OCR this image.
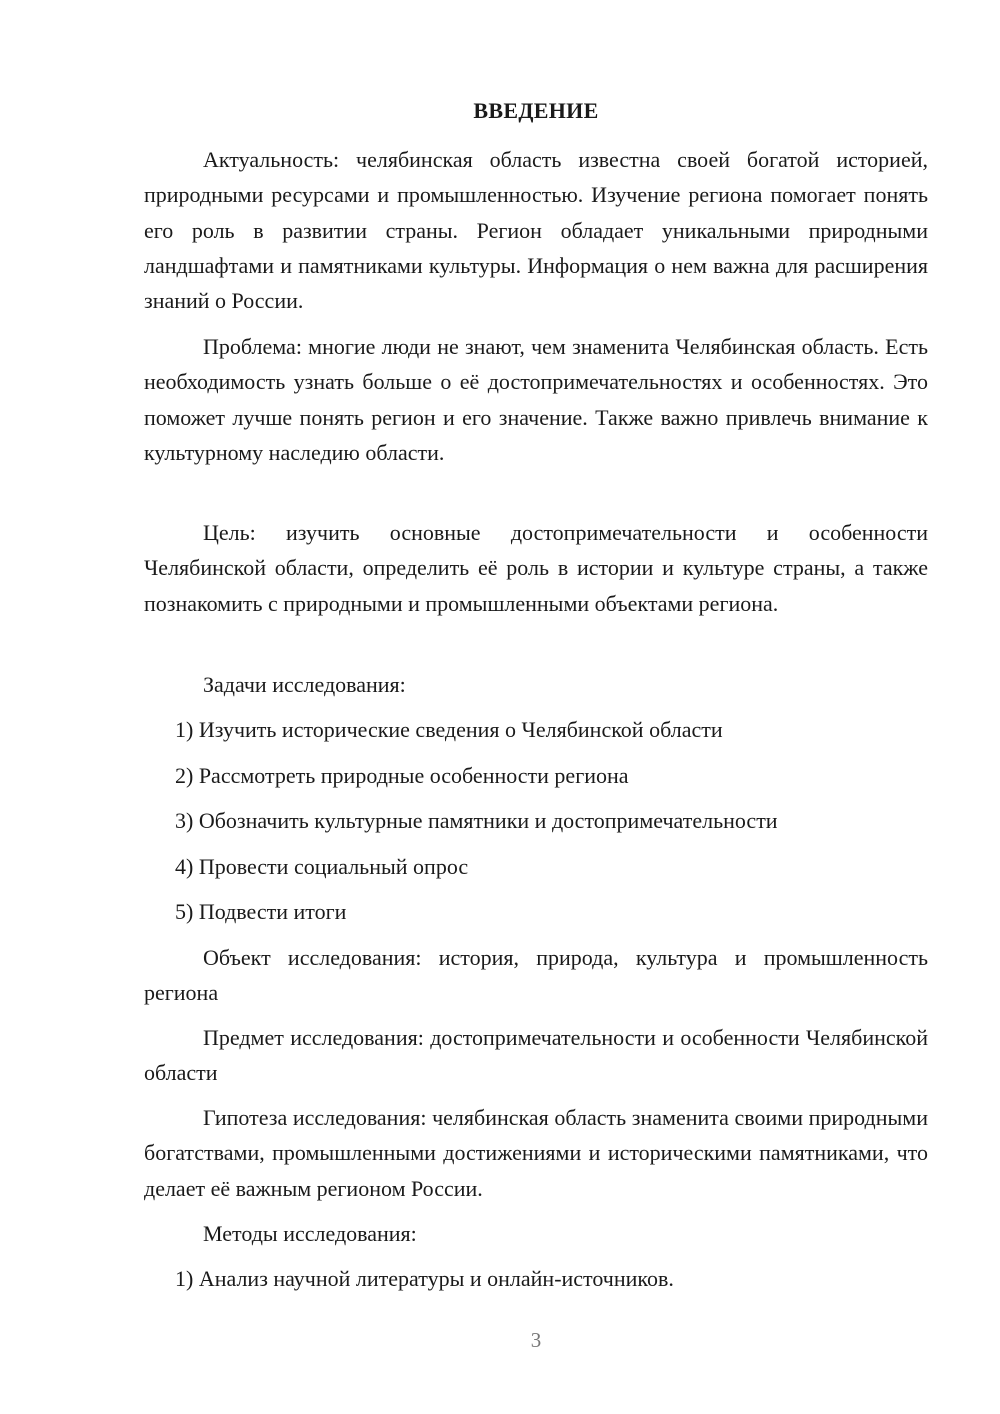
ВВЕДЕНИЕ

Актуальность: челябинская область известна своей богатой историей, природными ресурсами и промышленностью. Изучение региона помогает понять его роль в развитии страны. Регион обладает уникальными природными ландшафтами и памятниками культуры. Информация о нем важна для расширения знаний о России.

Проблема: многие люди не знают, чем знаменита Челябинская область. Есть необходимость узнать больше о её достопримечательностях и особенностях. Это поможет лучше понять регион и его значение. Также важно привлечь внимание к культурному наследию области.

Цель: изучить основные достопримечательности и особенности Челябинской области, определить её роль в истории и культуре страны, а также познакомить с природными и промышленными объектами региона.

Задачи исследования:

1) Изучить исторические сведения о Челябинской области

2) Рассмотреть природные особенности региона

3) Обозначить культурные памятники и достопримечательности

4) Провести социальный опрос

5) Подвести итоги

Объект исследования: история, природа, культура и промышленность региона

Предмет исследования: достопримечательности и особенности Челябинской области

Гипотеза исследования: челябинская область знаменита своими природными богатствами, промышленными достижениями и историческими памятниками, что делает её важным регионом России.

Методы исследования:

1) Анализ научной литературы и онлайн-источников.

3
